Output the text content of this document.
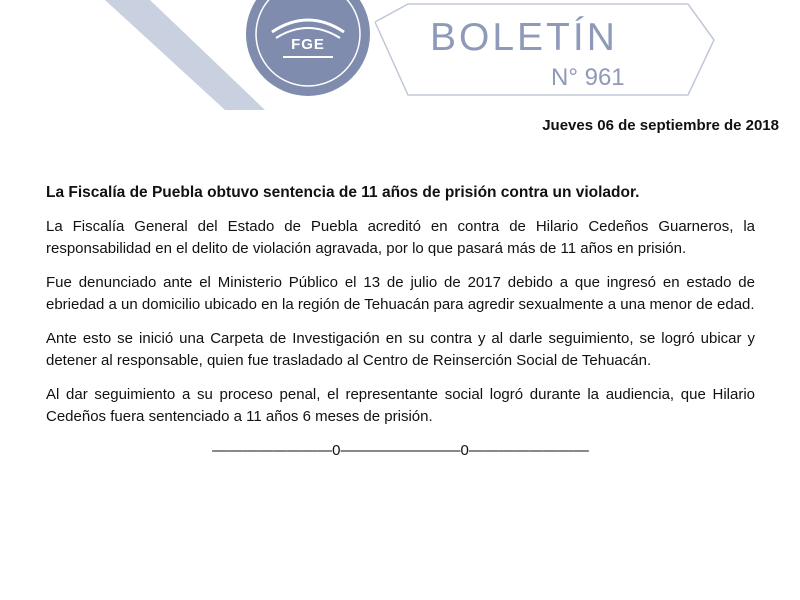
FGE	BOLETÍN
N° 961
Jueves 06 de septiembre de 2018

La Fiscalía de Puebla obtuvo sentencia de 11 años de prisión contra un violador.

La Fiscalía General del Estado de Puebla acreditó en contra de Hilario Cedeños Guarneros, la responsabilidad en el delito de violación agravada, por lo que pasará más de 11 años en prisión.

Fue denunciado ante el Ministerio Público el 13 de julio de 2017 debido a que ingresó en estado de ebriedad a un domicilio ubicado en la región de Tehuacán para agredir sexualmente a una menor de edad.

Ante esto se inició una Carpeta de Investigación en su contra y al darle seguimiento, se logró ubicar y detener al responsable, quien fue trasladado al Centro de Reinserción Social de Tehuacán.

Al dar seguimiento a su proceso penal, el representante social logró durante la audiencia, que Hilario Cedeños fuera sentenciado a 11 años 6 meses de prisión.

————————0————————0————————
